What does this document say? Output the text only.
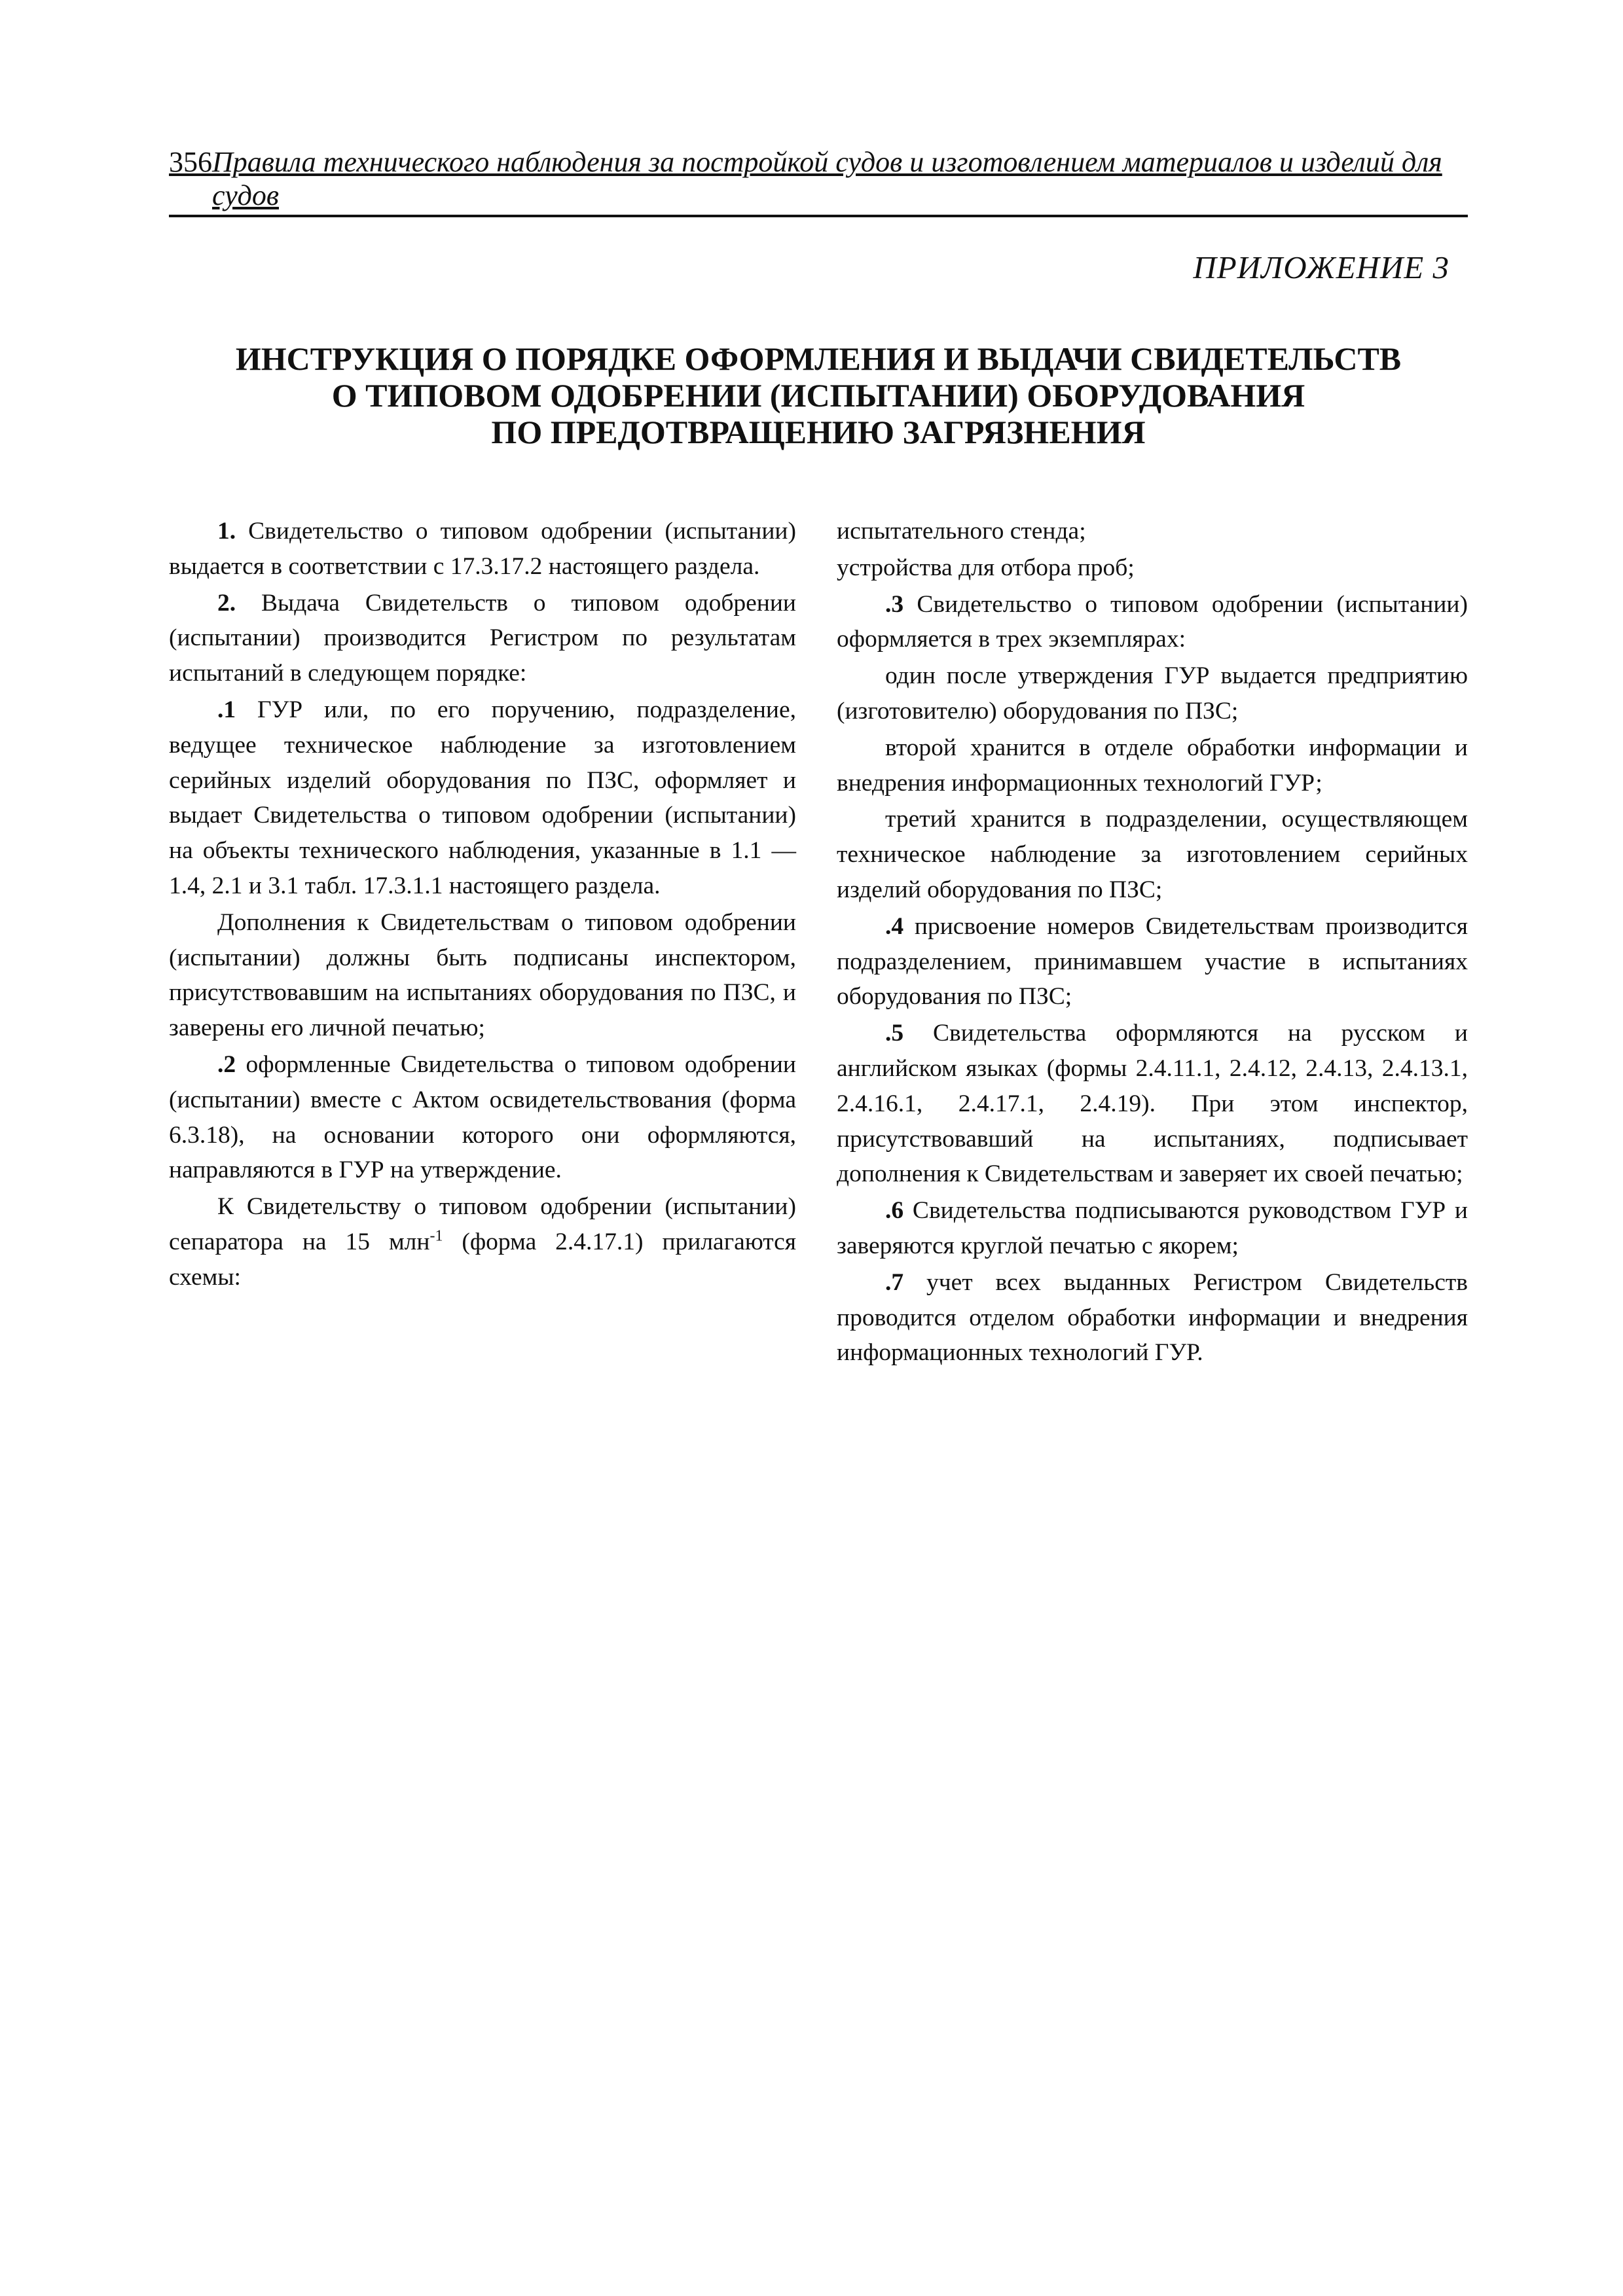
356 Правила технического наблюдения за постройкой судов и изготовлением материалов и изделий для судов
ПРИЛОЖЕНИЕ 3
ИНСТРУКЦИЯ О ПОРЯДКЕ ОФОРМЛЕНИЯ И ВЫДАЧИ СВИДЕТЕЛЬСТВ
О ТИПОВОМ ОДОБРЕНИИ (ИСПЫТАНИИ) ОБОРУДОВАНИЯ
ПО ПРЕДОТВРАЩЕНИЮ ЗАГРЯЗНЕНИЯ

1. Свидетельство о типовом одобрении (испытании) выдается в соответствии с 17.3.17.2 настоящего раздела.

2. Выдача Свидетельств о типовом одобрении (испытании) производится Регистром по результатам испытаний в следующем порядке:

.1 ГУР или, по его поручению, подразделение, ведущее техническое наблюдение за изготовлением серийных изделий оборудования по ПЗС, оформляет и выдает Свидетельства о типовом одобрении (испытании) на объекты технического наблюдения, указанные в 1.1 — 1.4, 2.1 и 3.1 табл. 17.3.1.1 настоящего раздела.

Дополнения к Свидетельствам о типовом одобрении (испытании) должны быть подписаны инспектором, присутствовавшим на испытаниях оборудования по ПЗС, и заверены его личной печатью;

.2 оформленные Свидетельства о типовом одобрении (испытании) вместе с Актом освидетельствования (форма 6.3.18), на основании которого они оформляются, направляются в ГУР на утверждение.

К Свидетельству о типовом одобрении (испытании) сепаратора на 15 млн$^{-1}$ (форма 2.4.17.1) прилагаются схемы:

испытательного стенда;

устройства для отбора проб;

.3 Свидетельство о типовом одобрении (испытании) оформляется в трех экземплярах:

один после утверждения ГУР выдается предприятию (изготовителю) оборудования по ПЗС;

второй хранится в отделе обработки информации и внедрения информационных технологий ГУР;

третий хранится в подразделении, осуществляющем техническое наблюдение за изготовлением серийных изделий оборудования по ПЗС;

.4 присвоение номеров Свидетельствам производится подразделением, принимавшем участие в испытаниях оборудования по ПЗС;

.5 Свидетельства оформляются на русском и английском языках (формы 2.4.11.1, 2.4.12, 2.4.13, 2.4.13.1, 2.4.16.1, 2.4.17.1, 2.4.19). При этом инспектор, присутствовавший на испытаниях, подписывает дополнения к Свидетельствам и заверяет их своей печатью;

.6 Свидетельства подписываются руководством ГУР и заверяются круглой печатью с якорем;

.7 учет всех выданных Регистром Свидетельств проводится отделом обработки информации и внедрения информационных технологий ГУР.
